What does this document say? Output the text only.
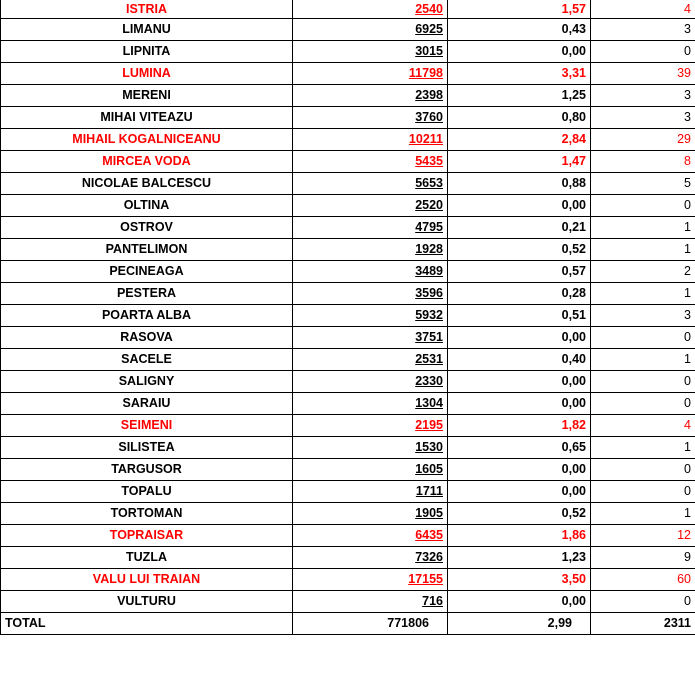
ISTRIA	2540	1,57	4
LIMANU	6925	0,43	3
LIPNITA	3015	0,00	0
LUMINA	11798	3,31	39
MERENI	2398	1,25	3
MIHAI VITEAZU	3760	0,80	3
MIHAIL KOGALNICEANU	10211	2,84	29
MIRCEA VODA	5435	1,47	8
NICOLAE BALCESCU	5653	0,88	5
OLTINA	2520	0,00	0
OSTROV	4795	0,21	1
PANTELIMON	1928	0,52	1
PECINEAGA	3489	0,57	2
PESTERA	3596	0,28	1
POARTA ALBA	5932	0,51	3
RASOVA	3751	0,00	0
SACELE	2531	0,40	1
SALIGNY	2330	0,00	0
SARAIU	1304	0,00	0
SEIMENI	2195	1,82	4
SILISTEA	1530	0,65	1
TARGUSOR	1605	0,00	0
TOPALU	1711	0,00	0
TORTOMAN	1905	0,52	1
TOPRAISAR	6435	1,86	12
TUZLA	7326	1,23	9
VALU LUI TRAIAN	17155	3,50	60
VULTURU	716	0,00	0
TOTAL	771806	2,99	2311
